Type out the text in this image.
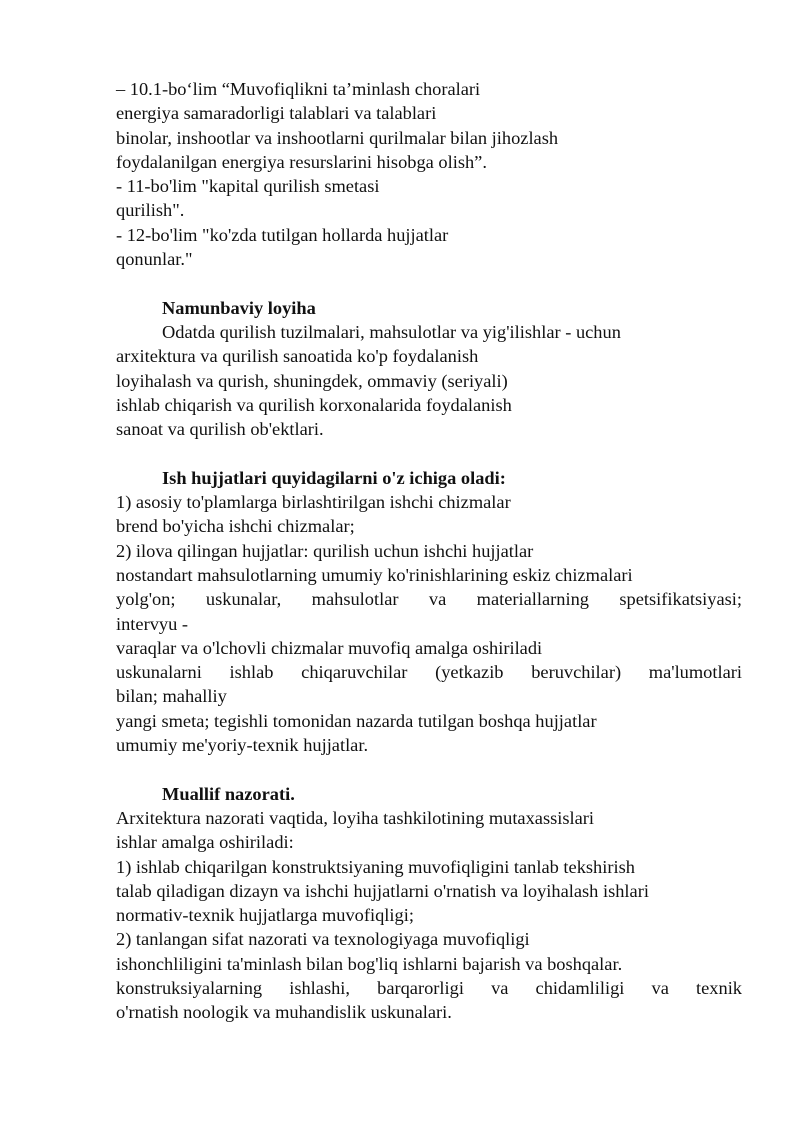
– 10.1-bo‘lim “Muvofiqlikni ta’minlash choralari
energiya samaradorligi talablari va talablari
binolar, inshootlar va inshootlarni qurilmalar bilan jihozlash
foydalanilgan energiya resurslarini hisobga olish”.
- 11-bo'lim "kapital qurilish smetasi
qurilish".
- 12-bo'lim "ko'zda tutilgan hollarda hujjatlar
qonunlar."
Namunbaviy loyiha
Odatda qurilish tuzilmalari, mahsulotlar va yig'ilishlar - uchun
arxitektura va qurilish sanoatida ko'p foydalanish
loyihalash va qurish, shuningdek, ommaviy (seriyali)
ishlab chiqarish va qurilish korxonalarida foydalanish
sanoat va qurilish ob'ektlari.
Ish hujjatlari quyidagilarni o'z ichiga oladi:
1) asosiy to'plamlarga birlashtirilgan ishchi chizmalar
brend bo'yicha ishchi chizmalar;
2) ilova qilingan hujjatlar: qurilish uchun ishchi hujjatlar
nostandart mahsulotlarning umumiy ko'rinishlarining eskiz chizmalari
yolg'on; uskunalar, mahsulotlar va materiallarning spetsifikatsiyasi;
intervyu -
varaqlar va o'lchovli chizmalar muvofiq amalga oshiriladi
uskunalarni ishlab chiqaruvchilar (yetkazib beruvchilar) ma'lumotlari
bilan; mahalliy
yangi smeta; tegishli tomonidan nazarda tutilgan boshqa hujjatlar
umumiy me'yoriy-texnik hujjatlar.
Muallif nazorati.
Arxitektura nazorati vaqtida, loyiha tashkilotining mutaxassislari
ishlar amalga oshiriladi:
1) ishlab chiqarilgan konstruktsiyaning muvofiqligini tanlab tekshirish
talab qiladigan dizayn va ishchi hujjatlarni o'rnatish va loyihalash ishlari
normativ-texnik hujjatlarga muvofiqligi;
2) tanlangan sifat nazorati va texnologiyaga muvofiqligi
ishonchliligini ta'minlash bilan bog'liq ishlarni bajarish va boshqalar.
konstruksiyalarning ishlashi, barqarorligi va chidamliligi va texnik
o'rnatish noologik va muhandislik uskunalari.
